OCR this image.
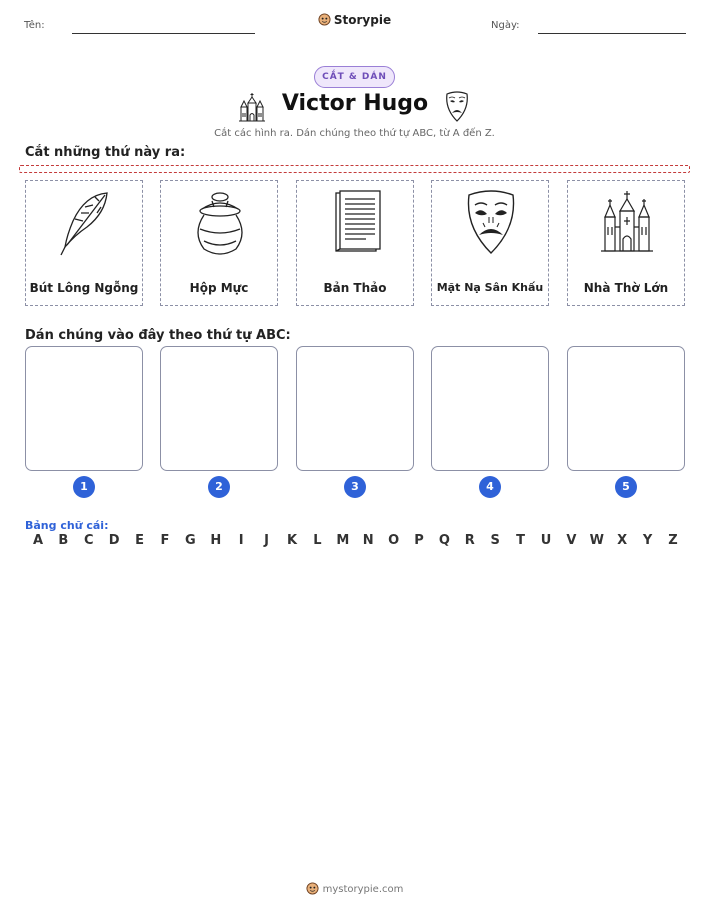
Tên:	Storypie	Ngày:
CẮT & DÁN
Victor Hugo
Cắt các hình ra. Dán chúng theo thứ tự ABC, từ A đến Z.
Cắt những thứ này ra:
Bút Lông Ngỗng	Hộp Mực	Bản Thảo	Mặt Nạ Sân Khấu	Nhà Thờ Lớn
Dán chúng vào đây theo thứ tự ABC:
1	2	3	4	5
Bảng chữ cái:
A	B	C	D	E	F	G	H	I	J	K	L	M	N	O	P	Q	R	S	T	U	V	W	X	Y	Z
mystorypie.com
